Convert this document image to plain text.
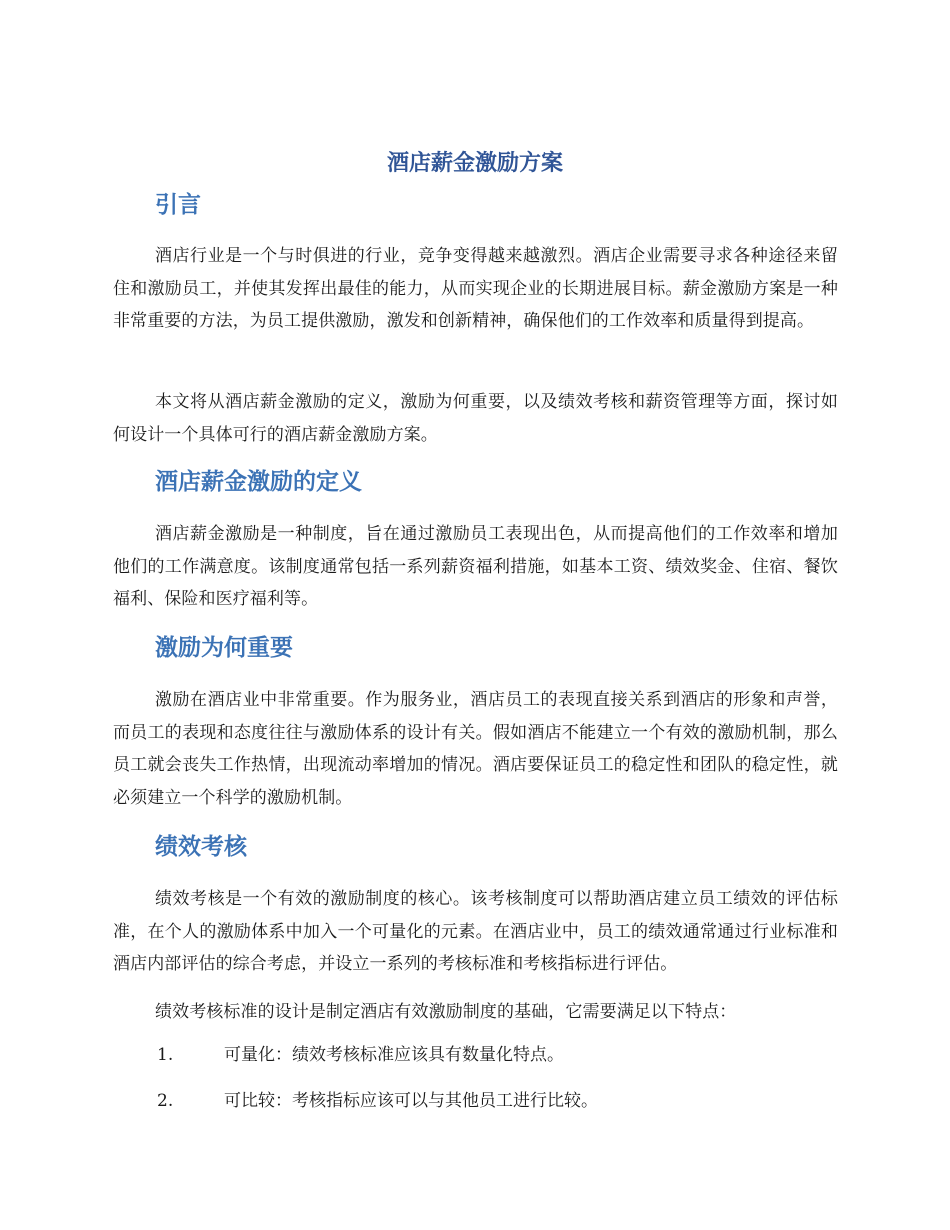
酒店薪金激励方案
引言

酒店行业是一个与时俱进的行业，竞争变得越来越激烈。酒店企业需要寻求各种途径来留住和激励员工，并使其发挥出最佳的能力，从而实现企业的长期进展目标。薪金激励方案是一种非常重要的方法，为员工提供激励，激发和创新精神，确保他们的工作效率和质量得到提高。

本文将从酒店薪金激励的定义，激励为何重要，以及绩效考核和薪资管理等方面，探讨如何设计一个具体可行的酒店薪金激励方案。

酒店薪金激励的定义

酒店薪金激励是一种制度，旨在通过激励员工表现出色，从而提高他们的工作效率和增加他们的工作满意度。该制度通常包括一系列薪资福利措施，如基本工资、绩效奖金、住宿、餐饮福利、保险和医疗福利等。

激励为何重要

激励在酒店业中非常重要。作为服务业，酒店员工的表现直接关系到酒店的形象和声誉，而员工的表现和态度往往与激励体系的设计有关。假如酒店不能建立一个有效的激励机制，那么员工就会丧失工作热情，出现流动率增加的情况。酒店要保证员工的稳定性和团队的稳定性，就必须建立一个科学的激励机制。

绩效考核

绩效考核是一个有效的激励制度的核心。该考核制度可以帮助酒店建立员工绩效的评估标准，在个人的激励体系中加入一个可量化的元素。在酒店业中，员工的绩效通常通过行业标准和酒店内部评估的综合考虑，并设立一系列的考核标准和考核指标进行评估。

绩效考核标准的设计是制定酒店有效激励制度的基础，它需要满足以下特点：

1.	可量化：绩效考核标准应该具有数量化特点。
2.	可比较：考核指标应该可以与其他员工进行比较。
